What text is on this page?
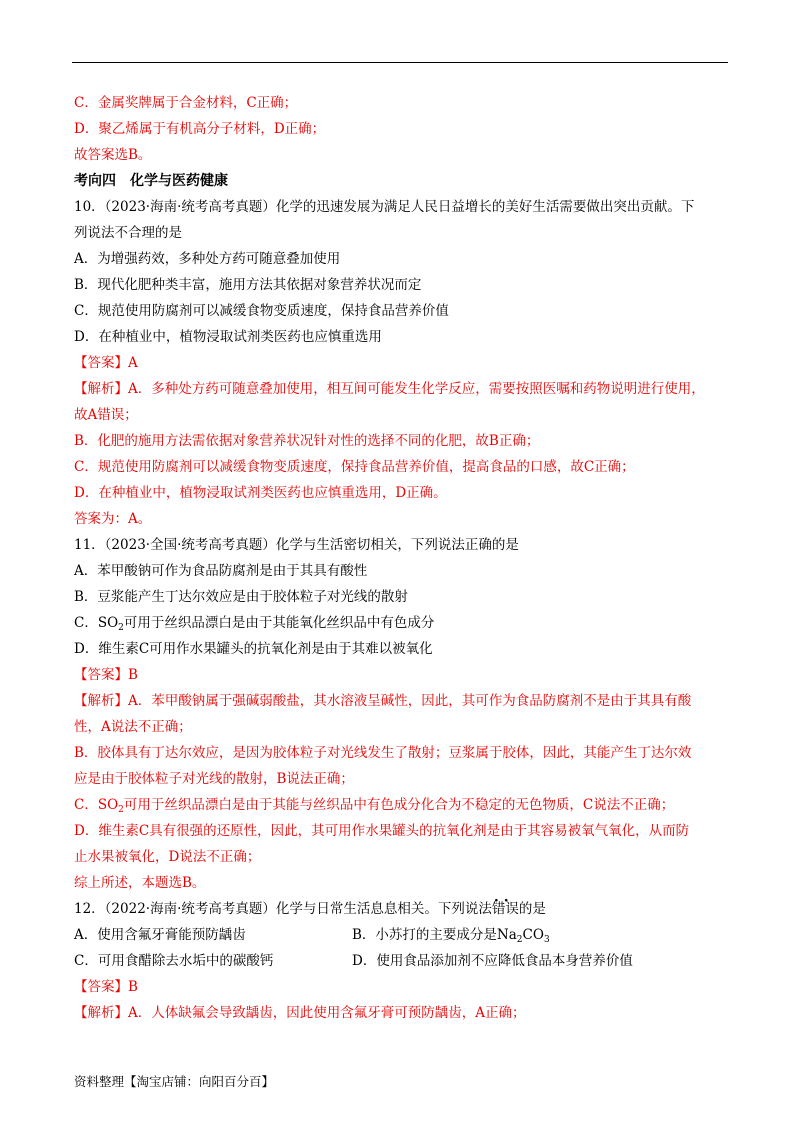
C．金属奖牌属于合金材料，C正确；
D．聚乙烯属于有机高分子材料，D正确；
故答案选B。
考向四　化学与医药健康
10．（2023·海南·统考高考真题）化学的迅速发展为满足人民日益增长的美好生活需要做出突出贡献。下
列说法不合理的是
A．为增强药效，多种处方药可随意叠加使用
B．现代化肥种类丰富，施用方法其依据对象营养状况而定
C．规范使用防腐剂可以减缓食物变质速度，保持食品营养价值
D．在种植业中，植物浸取试剂类医药也应慎重选用
【答案】A
【解析】A．多种处方药可随意叠加使用，相互间可能发生化学反应，需要按照医嘱和药物说明进行使用，
故A错误；
B．化肥的施用方法需依据对象营养状况针对性的选择不同的化肥，故B正确；
C．规范使用防腐剂可以减缓食物变质速度，保持食品营养价值，提高食品的口感，故C正确；
D．在种植业中，植物浸取试剂类医药也应慎重选用，D正确。
答案为：A。
11．（2023·全国·统考高考真题）化学与生活密切相关，下列说法正确的是
A．苯甲酸钠可作为食品防腐剂是由于其具有酸性
B．豆浆能产生丁达尔效应是由于胶体粒子对光线的散射
C．$SO_2$可用于丝织品漂白是由于其能氧化丝织品中有色成分
D．维生素C可用作水果罐头的抗氧化剂是由于其难以被氧化
【答案】B
【解析】A．苯甲酸钠属于强碱弱酸盐，其水溶液呈碱性，因此，其可作为食品防腐剂不是由于其具有酸
性，A说法不正确；
B．胶体具有丁达尔效应，是因为胶体粒子对光线发生了散射；豆浆属于胶体，因此，其能产生丁达尔效
应是由于胶体粒子对光线的散射，B说法正确；
C．$SO_2$可用于丝织品漂白是由于其能与丝织品中有色成分化合为不稳定的无色物质，C说法不正确；
D．维生素C具有很强的还原性，因此，其可用作水果罐头的抗氧化剂是由于其容易被氧气氧化，从而防
止水果被氧化，D说法不正确；
综上所述，本题选B。
12．（2022·海南·统考高考真题）化学与日常生活息息相关。下列说法·· 错误的是
A．使用含氟牙膏能预防龋齿	B．小苏打的主要成分是$Na_2CO_3$
C．可用食醋除去水垢中的碳酸钙	D．使用食品添加剂不应降低食品本身营养价值
【答案】B
【解析】A．人体缺氟会导致龋齿，因此使用含氟牙膏可预防龋齿，A正确；
资料整理【淘宝店铺：向阳百分百】
